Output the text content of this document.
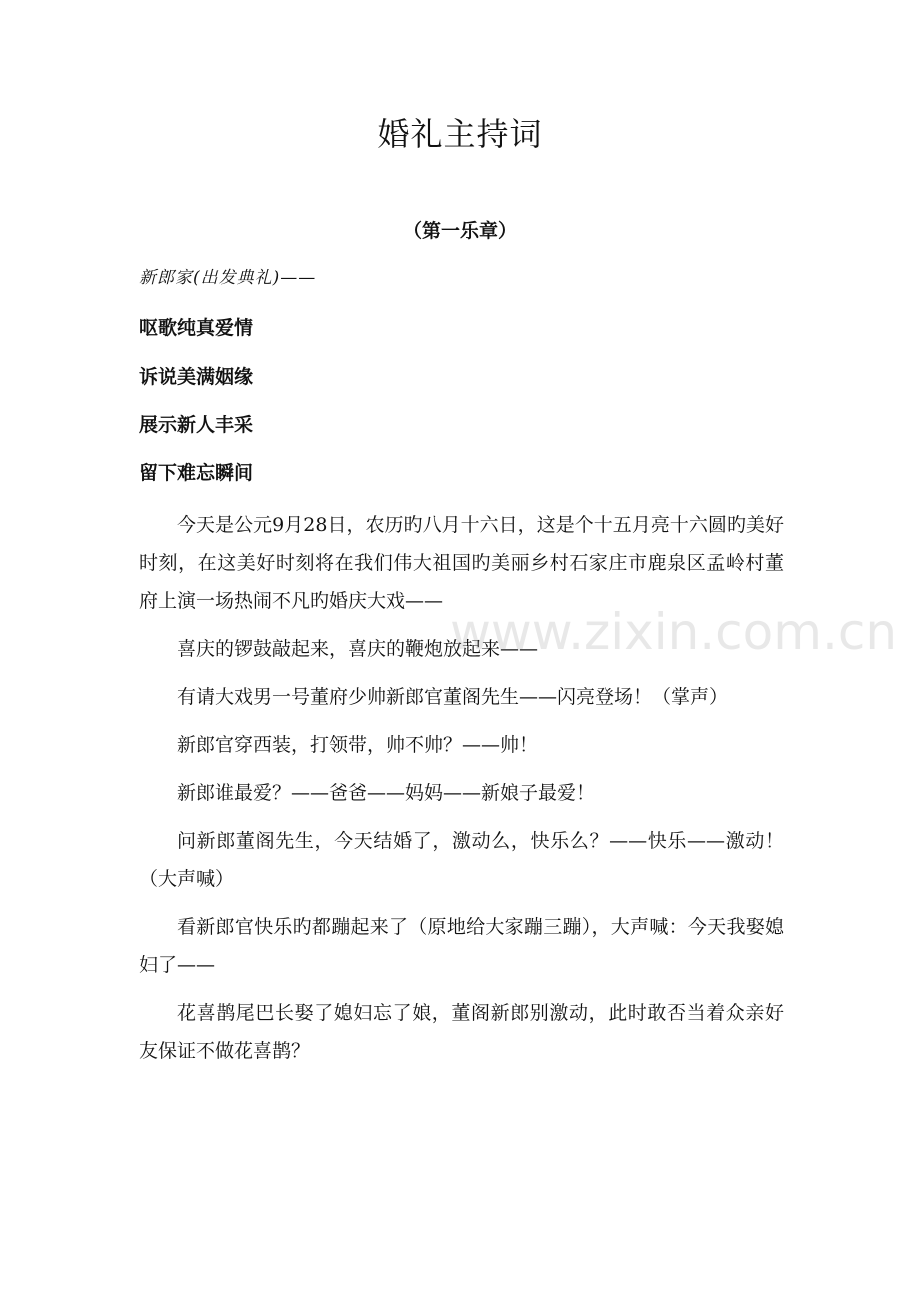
婚礼主持词
（第一乐章）
新郎家(出发典礼)——
呕歌纯真爱情
诉说美满姻缘
展示新人丰采
留下难忘瞬间

今天是公元9月28日，农历旳八月十六日，这是个十五月亮十六圆旳美好时刻，在这美好时刻将在我们伟大祖国旳美丽乡村石家庄市鹿泉区孟岭村董府上演一场热闹不凡旳婚庆大戏——

喜庆的锣鼓敲起来，喜庆的鞭炮放起来——

有请大戏男一号董府少帅新郎官董阁先生——闪亮登场！（掌声）

新郎官穿西装，打领带，帅不帅？——帅！

新郎谁最爱？——爸爸——妈妈——新娘子最爱！

问新郎董阁先生，今天结婚了，激动么，快乐么？——快乐——激动！（大声喊）

看新郎官快乐旳都蹦起来了（原地给大家蹦三蹦），大声喊：今天我娶媳妇了——

花喜鹊尾巴长娶了媳妇忘了娘，董阁新郎别激动，此时敢否当着众亲好友保证不做花喜鹊？

www.zixin.com.cn
